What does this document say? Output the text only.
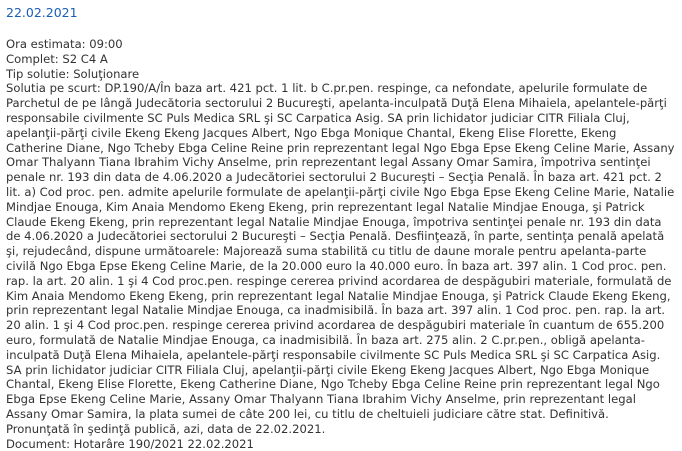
22.02.2021
Ora estimata: 09:00
Complet: S2 C4 A
Tip solutie: Soluţionare
Solutia pe scurt: DP.190/A/În baza art. 421 pct. 1 lit. b C.pr.pen. respinge, ca nefondate, apelurile formulate de Parchetul de pe lângă Judecătoria sectorului 2 Bucureşti, apelanta-inculpată Duţă Elena Mihaiela, apelantele-părţi responsabile civilmente SC Puls Medica SRL şi SC Carpatica Asig. SA prin lichidator judiciar CITR Filiala Cluj, apelanţii-părţi civile Ekeng Ekeng Jacques Albert, Ngo Ebga Monique Chantal, Ekeng Elise Florette, Ekeng Catherine Diane, Ngo Tcheby Ebga Celine Reine prin reprezentant legal Ngo Ebga Epse Ekeng Celine Marie, Assany Omar Thalyann Tiana Ibrahim Vichy Anselme, prin reprezentant legal Assany Omar Samira, împotriva sentinţei penale nr. 193 din data de 4.06.2020 a Judecătoriei sectorului 2 Bucureşti – Secţia Penală. În baza art. 421 pct. 2 lit. a) Cod proc. pen. admite apelurile formulate de apelanţii-părţi civile Ngo Ebga Epse Ekeng Celine Marie, Natalie Mindjae Enouga, Kim Anaia Mendomo Ekeng Ekeng, prin reprezentant legal Natalie Mindjae Enouga, şi Patrick Claude Ekeng Ekeng, prin reprezentant legal Natalie Mindjae Enouga, împotriva sentinţei penale nr. 193 din data de 4.06.2020 a Judecătoriei sectorului 2 Bucureşti – Secţia Penală. Desfiinţează, în parte, sentinţa penală apelată şi, rejudecând, dispune următoarele: Majorează suma stabilită cu titlu de daune morale pentru apelanta-parte civilă Ngo Ebga Epse Ekeng Celine Marie, de la 20.000 euro la 40.000 euro. În baza art. 397 alin. 1 Cod proc. pen. rap. la art. 20 alin. 1 şi 4 Cod proc.pen. respinge cererea privind acordarea de despăgubiri materiale, formulată de Kim Anaia Mendomo Ekeng Ekeng, prin reprezentant legal Natalie Mindjae Enouga, şi Patrick Claude Ekeng Ekeng, prin reprezentant legal Natalie Mindjae Enouga, ca inadmisibilă. În baza art. 397 alin. 1 Cod proc. pen. rap. la art. 20 alin. 1 şi 4 Cod proc.pen. respinge cererea privind acordarea de despăgubiri materiale în cuantum de 655.200 euro, formulată de Natalie Mindjae Enouga, ca inadmisibilă. În baza art. 275 alin. 2 C.pr.pen., obligă apelanta-inculpată Duţă Elena Mihaiela, apelantele-părţi responsabile civilmente SC Puls Medica SRL şi SC Carpatica Asig. SA prin lichidator judiciar CITR Filiala Cluj, apelanţii-părţi civile Ekeng Ekeng Jacques Albert, Ngo Ebga Monique Chantal, Ekeng Elise Florette, Ekeng Catherine Diane, Ngo Tcheby Ebga Celine Reine prin reprezentant legal Ngo Ebga Epse Ekeng Celine Marie, Assany Omar Thalyann Tiana Ibrahim Vichy Anselme, prin reprezentant legal Assany Omar Samira, la plata sumei de câte 200 lei, cu titlu de cheltuieli judiciare către stat. Definitivă. Pronunţată în şedinţă publică, azi, data de 22.02.2021.
Document: Hotarâre 190/2021 22.02.2021
